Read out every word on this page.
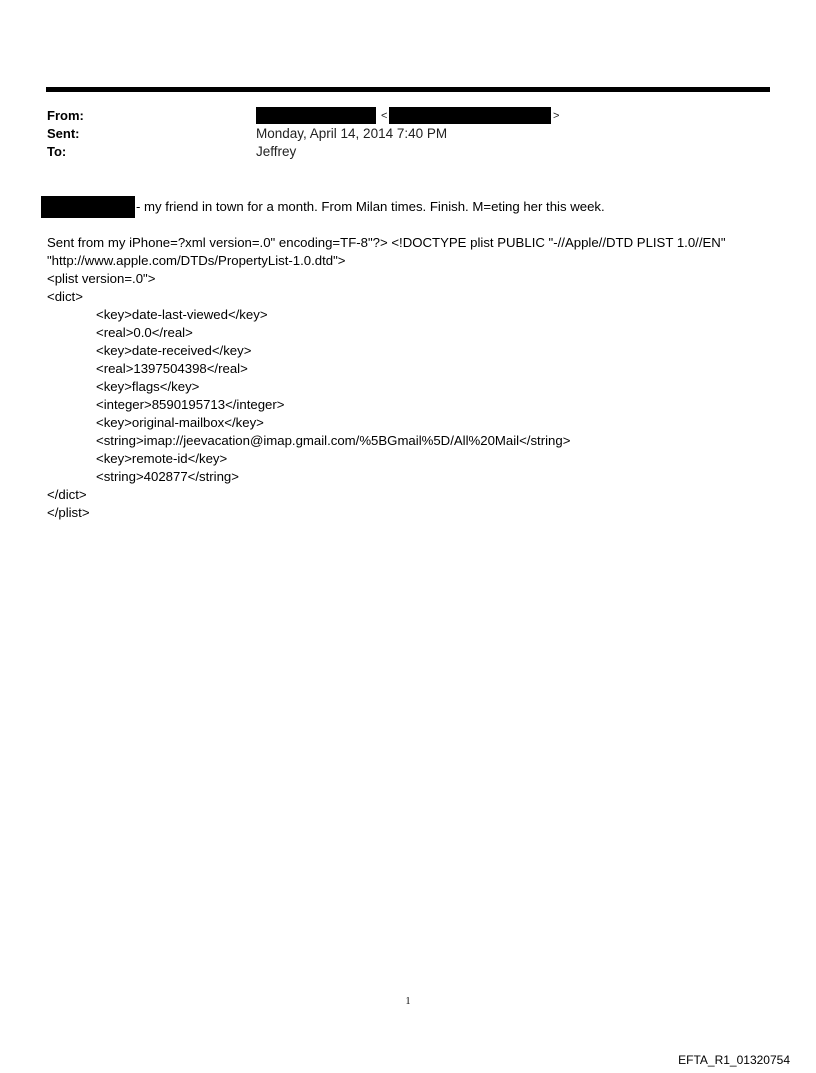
From:
Sent:
To:
<	>
Monday, April 14, 2014 7:40 PM
Jeffrey
- my friend in town for a month. From Milan times. Finish. M=eting her this week.
Sent from my iPhone=?xml version=.0" encoding=TF-8"?> <!DOCTYPE plist PUBLIC "-//Apple//DTD PLIST 1.0//EN"
"http://www.apple.com/DTDs/PropertyList-1.0.dtd">
<plist version=.0">
<dict>
<key>date-last-viewed</key>
<real>0.0</real>
<key>date-received</key>
<real>1397504398</real>
<key>flags</key>
<integer>8590195713</integer>
<key>original-mailbox</key>
<string>imap://jeevacation@imap.gmail.com/%5BGmail%5D/All%20Mail</string>
<key>remote-id</key>
<string>402877</string>
</dict>
</plist>
1
EFTA_R1_01320754
